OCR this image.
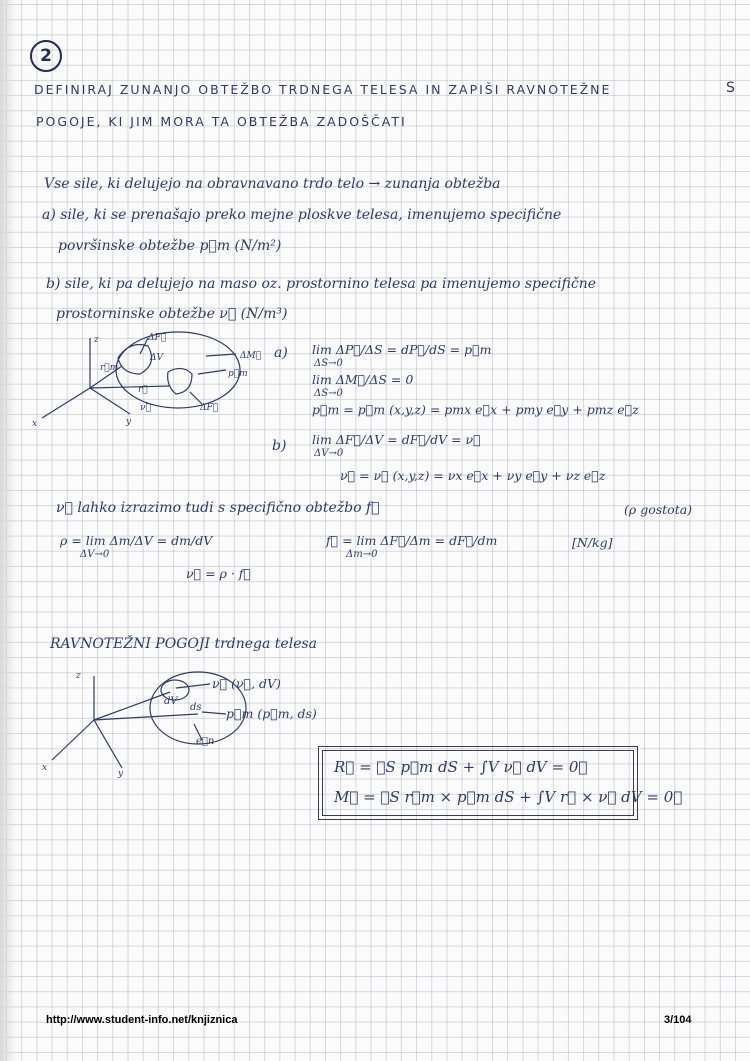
2
DEFINIRAJ ZUNANJO OBTEŽBO TRDNEGA TELESA IN ZAPIŠI RAVNOTEŽNE
POGOJE, KI JIM MORA TA OBTEŽBA ZADOŠČATI
S
Vse sile, ki delujejo na obravnavano trdo telo → zunanja obtežba
a) sile, ki se prenašajo preko mejne ploskve telesa, imenujemo specifične
površinske obtežbe p⃗m (N/m²)
b) sile, ki pa delujejo na maso oz. prostornino telesa pa imenujemo specifične
prostorninske obtežbe ν⃗ (N/m³)
z
x	y
ΔF⃗
ΔV	ΔM⃗
p⃗m
r⃗m
r⃗
ν⃗	ΔF⃗
a) lim ΔP⃗/ΔS = dP⃗/dS = p⃗m
ΔS→0
lim ΔM⃗/ΔS = 0
ΔS→0
p⃗m = p⃗m (x,y,z) = pmx e⃗x + pmy e⃗y + pmz e⃗z
b) lim ΔF⃗/ΔV = dF⃗/dV = ν⃗
ΔV→0
ν⃗ = ν⃗ (x,y,z) = νx e⃗x + νy e⃗y + νz e⃗z
ν⃗ lahko izrazimo tudi s specifično obtežbo f⃗	(ρ gostota)
ρ = lim Δm/ΔV = dm/dV
ΔV→0
f⃗ = lim ΔF⃗/Δm = dF⃗/dm
Δm→0
[N/kg]
ν⃗ = ρ · f⃗
RAVNOTEŽNI POGOJI trdnega telesa
z
x
y
ν⃗ (ν⃗, dV)
dV
ds p⃗m (p⃗m, ds)
e⃗n
R⃗ = ∮S p⃗m dS + ∫V ν⃗ dV = 0⃗
M⃗ = ∮S r⃗m × p⃗m dS + ∫V r⃗ × ν⃗ dV = 0⃗
http://www.student-info.net/knjiznica	3/104
